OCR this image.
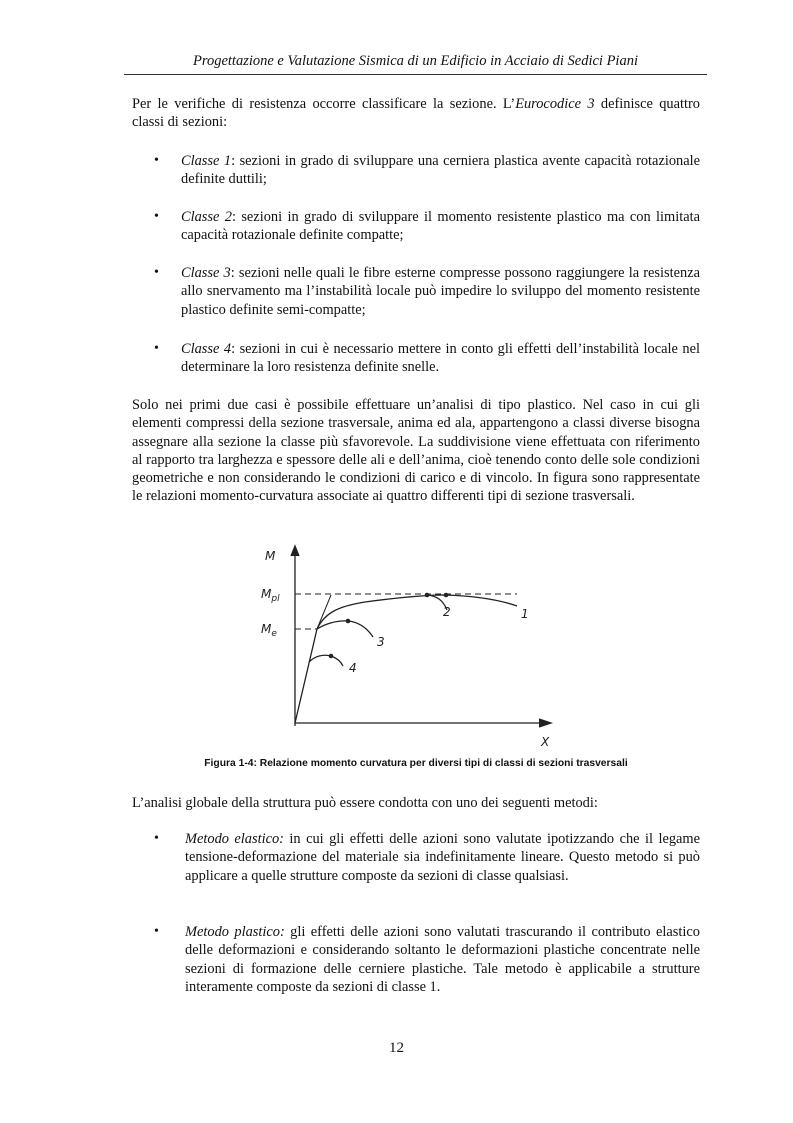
Progettazione e Valutazione Sismica di un Edificio in Acciaio di Sedici Piani

Per le verifiche di resistenza occorre classificare la sezione. L’Eurocodice 3 definisce quattro classi di sezioni:

• Classe 1: sezioni in grado di sviluppare una cerniera plastica avente capacità rotazionale definite duttili;

• Classe 2: sezioni in grado di sviluppare il momento resistente plastico ma con limitata capacità rotazionale definite compatte;

• Classe 3: sezioni nelle quali le fibre esterne compresse possono raggiungere la resistenza allo snervamento ma l’instabilità locale può impedire lo sviluppo del momento resistente plastico definite semi-compatte;

• Classe 4: sezioni in cui è necessario mettere in conto gli effetti dell’instabilità locale nel determinare la loro resistenza definite snelle.

Solo nei primi due casi è possibile effettuare un’analisi di tipo plastico. Nel caso in cui gli elementi compressi della sezione trasversale, anima ed ala, appartengono a classi diverse bisogna assegnare alla sezione la classe più sfavorevole. La suddivisione viene effettuata con riferimento al rapporto tra larghezza e spessore delle ali e dell’anima, cioè tenendo conto delle sole condizioni geometriche e non considerando le condizioni di carico e di vincolo. In figura sono rappresentate le relazioni momento-curvatura associate ai quattro differenti tipi di sezione trasversali.

M
X
$M_{pl}$
$M_e$
1
2
3
4
Figura 1-4: Relazione momento curvatura per diversi tipi di classi di sezioni trasversali

L’analisi globale della struttura può essere condotta con uno dei seguenti metodi:

• Metodo elastico: in cui gli effetti delle azioni sono valutate ipotizzando che il legame tensione-deformazione del materiale sia indefinitamente lineare. Questo metodo si può applicare a quelle strutture composte da sezioni di classe qualsiasi.

• Metodo plastico: gli effetti delle azioni sono valutati trascurando il contributo elastico delle deformazioni e considerando soltanto le deformazioni plastiche concentrate nelle sezioni di formazione delle cerniere plastiche. Tale metodo è applicabile a strutture interamente composte da sezioni di classe 1.

12
